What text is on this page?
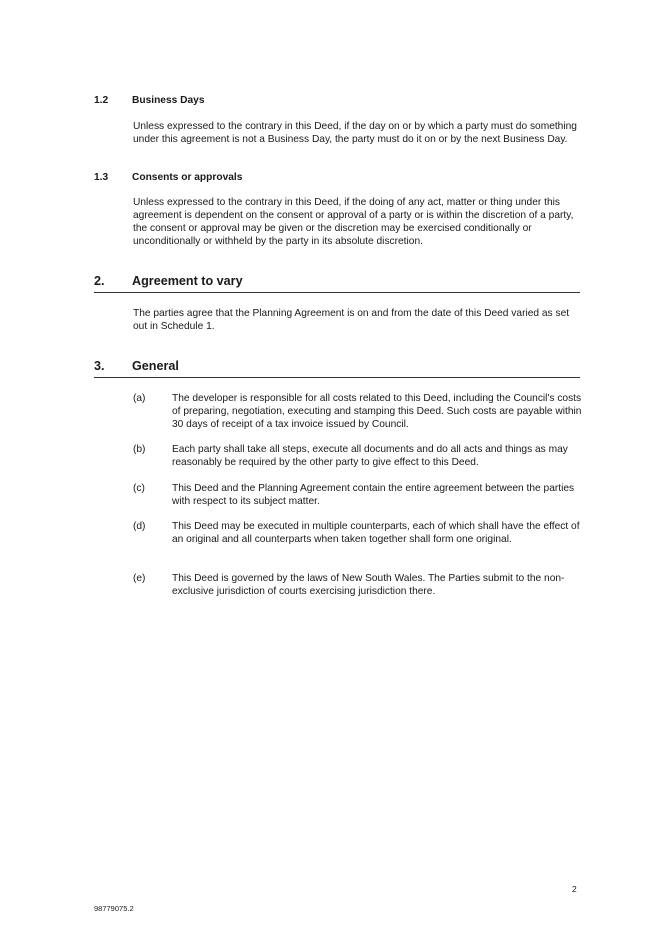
1.2 Business Days
Unless expressed to the contrary in this Deed, if the day on or by which a party must do something under this agreement is not a Business Day, the party must do it on or by the next Business Day.
1.3 Consents or approvals
Unless expressed to the contrary in this Deed, if the doing of any act, matter or thing under this agreement is dependent on the consent or approval of a party or is within the discretion of a party, the consent or approval may be given or the discretion may be exercised conditionally or unconditionally or withheld by the party in its absolute discretion.
2. Agreement to vary
The parties agree that the Planning Agreement is on and from the date of this Deed varied as set out in Schedule 1.
3. General
(a)	The developer is responsible for all costs related to this Deed, including the Council's costs of preparing, negotiation, executing and stamping this Deed. Such costs are payable within 30 days of receipt of a tax invoice issued by Council.
(b)	Each party shall take all steps, execute all documents and do all acts and things as may reasonably be required by the other party to give effect to this Deed.
(c)	This Deed and the Planning Agreement contain the entire agreement between the parties with respect to its subject matter.
(d)	This Deed may be executed in multiple counterparts, each of which shall have the effect of an original and all counterparts when taken together shall form one original.
(e)	This Deed is governed by the laws of New South Wales. The Parties submit to the non-exclusive jurisdiction of courts exercising jurisdiction there.
2
98779075.2
